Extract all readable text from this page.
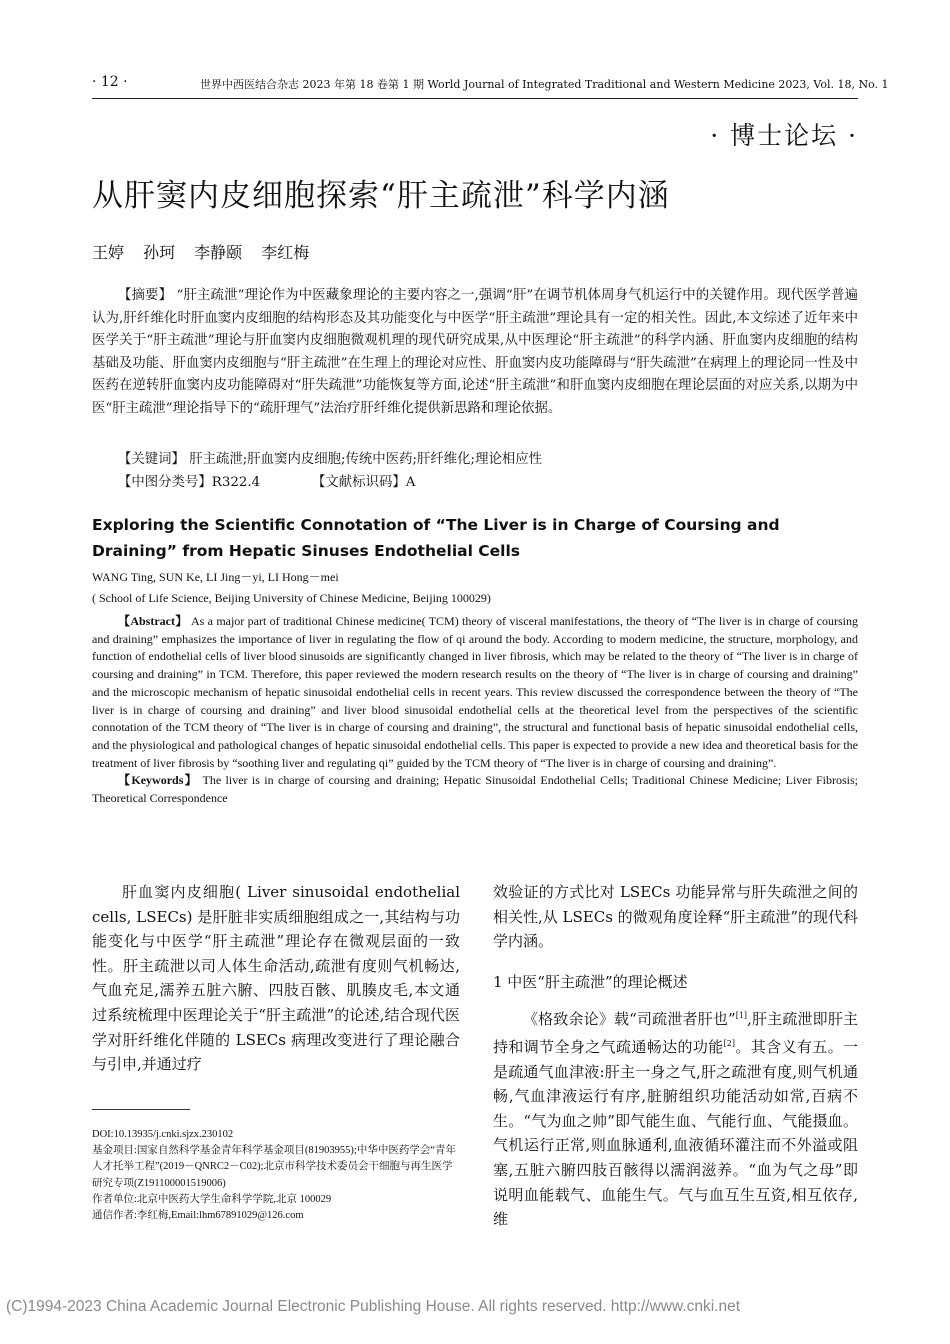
· 12 ·	世界中西医结合杂志 2023 年第 18 卷第 1 期 World Journal of Integrated Traditional and Western Medicine 2023, Vol. 18, No. 1
· 博士论坛 ·
从肝窦内皮细胞探索“肝主疏泄”科学内涵
王婷 孙珂 李静颐 李红梅

【摘要】 “肝主疏泄”理论作为中医藏象理论的主要内容之一,强调“肝”在调节机体周身气机运行中的关键作用。现代医学普遍认为,肝纤维化时肝血窦内皮细胞的结构形态及其功能变化与中医学“肝主疏泄”理论具有一定的相关性。因此,本文综述了近年来中医学关于“肝主疏泄”理论与肝血窦内皮细胞微观机理的现代研究成果,从中医理论“肝主疏泄”的科学内涵、肝血窦内皮细胞的结构基础及功能、肝血窦内皮细胞与“肝主疏泄”在生理上的理论对应性、肝血窦内皮功能障碍与“肝失疏泄”在病理上的理论同一性及中医药在逆转肝血窦内皮功能障碍对“肝失疏泄”功能恢复等方面,论述“肝主疏泄”和肝血窦内皮细胞在理论层面的对应关系,以期为中医“肝主疏泄”理论指导下的“疏肝理气”法治疗肝纤维化提供新思路和理论依据。

【关键词】 肝主疏泄;肝血窦内皮细胞;传统中医药;肝纤维化;理论相应性
【中图分类号】R322.4	【文献标识码】A
Exploring the Scientific Connotation of “The Liver is in Charge of Coursing and Draining” from Hepatic Sinuses Endothelial Cells
WANG Ting, SUN Ke, LI Jing－yi, LI Hong－mei
( School of Life Science, Beijing University of Chinese Medicine, Beijing 100029)

【Abstract】 As a major part of traditional Chinese medicine( TCM) theory of visceral manifestations, the theory of “The liver is in charge of coursing and draining” emphasizes the importance of liver in regulating the flow of qi around the body. According to modern medicine, the structure, morphology, and function of endothelial cells of liver blood sinusoids are significantly changed in liver fibrosis, which may be related to the theory of “The liver is in charge of coursing and draining” in TCM. Therefore, this paper reviewed the modern research results on the theory of “The liver is in charge of coursing and draining” and the microscopic mechanism of hepatic sinusoidal endothelial cells in recent years. This review discussed the correspondence between the theory of “The liver is in charge of coursing and draining” and liver blood sinusoidal endothelial cells at the theoretical level from the perspectives of the scientific connotation of the TCM theory of “The liver is in charge of coursing and draining”, the structural and functional basis of hepatic sinusoidal endothelial cells, and the physiological and pathological changes of hepatic sinusoidal endothelial cells. This paper is expected to provide a new idea and theoretical basis for the treatment of liver fibrosis by “soothing liver and regulating qi” guided by the TCM theory of “The liver is in charge of coursing and draining”.

【Keywords】 The liver is in charge of coursing and draining; Hepatic Sinusoidal Endothelial Cells; Traditional Chinese Medicine; Liver Fibrosis; Theoretical Correspondence

肝血窦内皮细胞( Liver sinusoidal endothelial cells, LSECs) 是肝脏非实质细胞组成之一,其结构与功能变化与中医学“肝主疏泄”理论存在微观层面的一致性。肝主疏泄以司人体生命活动,疏泄有度则气机畅达,气血充足,濡养五脏六腑、四肢百骸、肌腠皮毛,本文通过系统梳理中医理论关于“肝主疏泄”的论述,结合现代医学对肝纤维化伴随的 LSECs 病理改变进行了理论融合与引申,并通过疗

效验证的方式比对 LSECs 功能异常与肝失疏泄之间的相关性,从 LSECs 的微观角度诠释“肝主疏泄”的现代科学内涵。

1 中医“肝主疏泄”的理论概述

《格致余论》载“司疏泄者肝也”[1],肝主疏泄即肝主持和调节全身之气疏通畅达的功能[2]。其含义有五。一是疏通气血津液:肝主一身之气,肝之疏泄有度,则气机通畅,气血津液运行有序,脏腑组织功能活动如常,百病不生。“气为血之帅”即气能生血、气能行血、气能摄血。气机运行正常,则血脉通利,血液循环灌注而不外溢或阻塞,五脏六腑四肢百骸得以濡润滋养。“血为气之母”即说明血能载气、血能生气。气与血互生互资,相互依存,维

DOI:10.13935/j.cnki.sjzx.230102
基金项目:国家自然科学基金青年科学基金项目(81903955);中华中医药学会“青年人才托举工程”(2019－QNRC2－C02);北京市科学技术委员会干细胞与再生医学研究专项(Z191100001519006)
作者单位:北京中医药大学生命科学学院,北京 100029
通信作者:李红梅,Email:lhm67891029@126.com
(C)1994-2023 China Academic Journal Electronic Publishing House. All rights reserved. http://www.cnki.net
